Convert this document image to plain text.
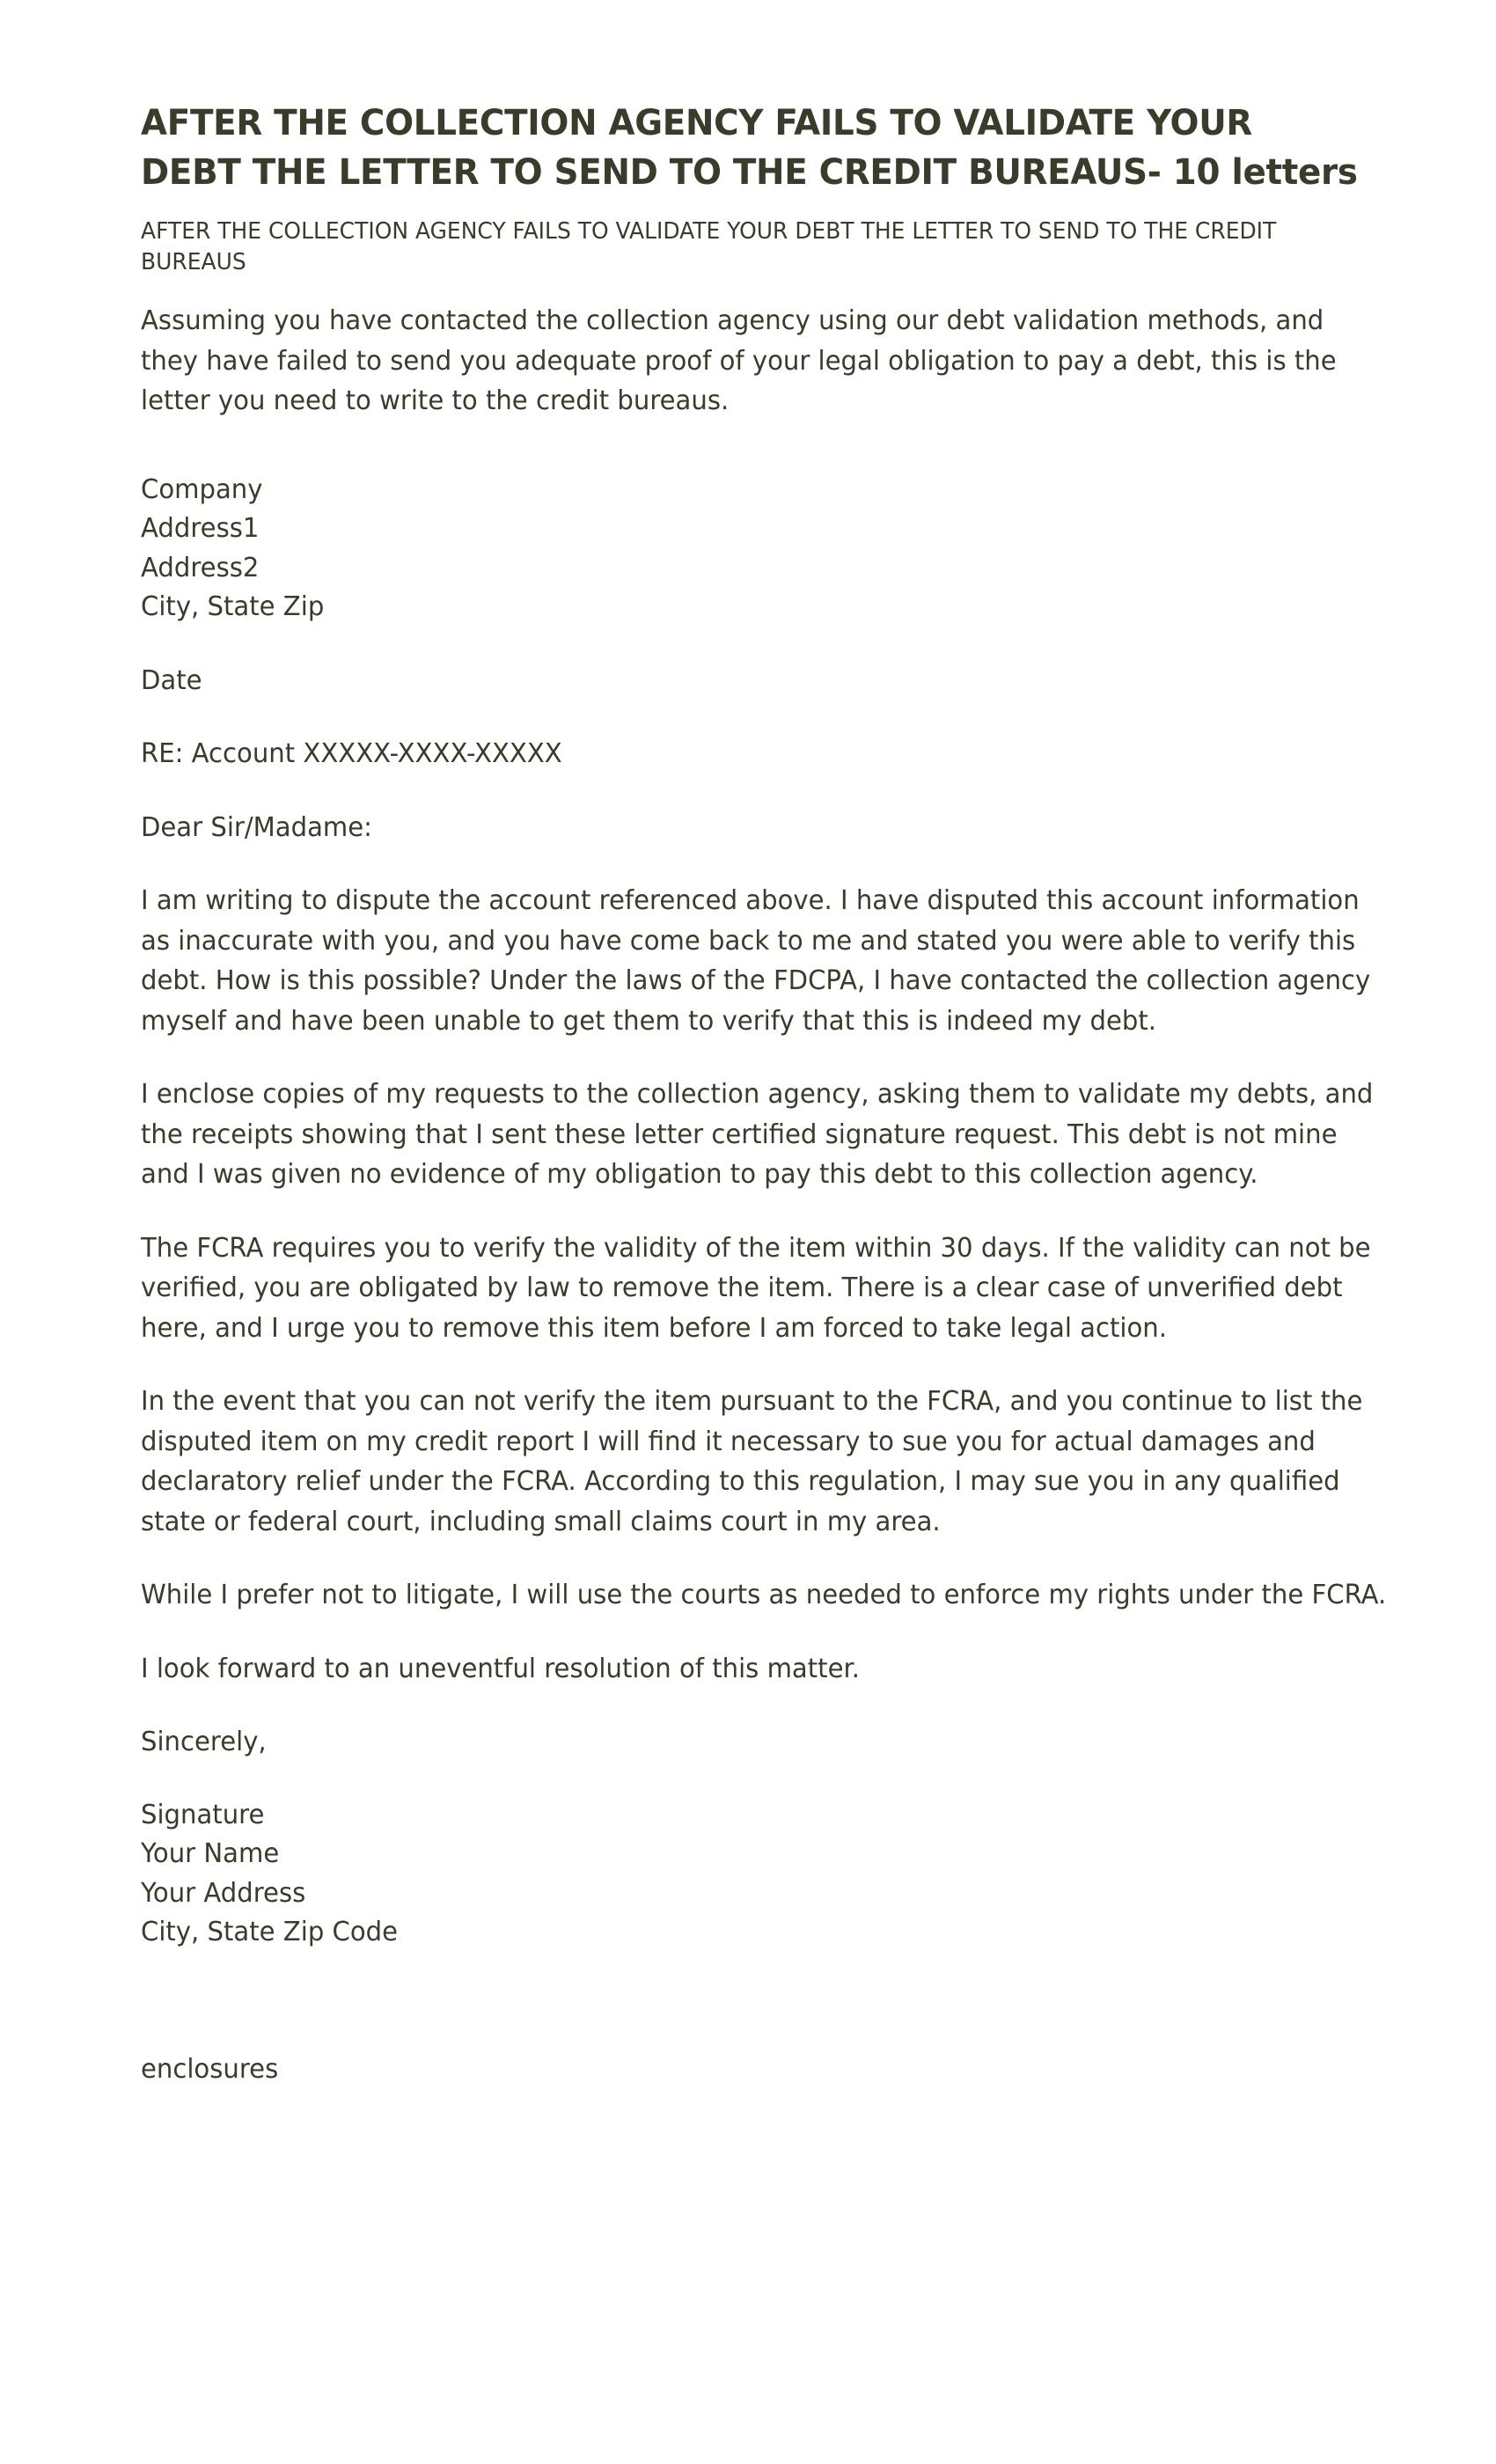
AFTER THE COLLECTION AGENCY FAILS TO VALIDATE YOUR
DEBT THE LETTER TO SEND TO THE CREDIT BUREAUS- 10 letters

AFTER THE COLLECTION AGENCY FAILS TO VALIDATE YOUR DEBT THE LETTER TO SEND TO THE CREDIT BUREAUS

Assuming you have contacted the collection agency using our debt validation methods, and they have failed to send you adequate proof of your legal obligation to pay a debt, this is the letter you need to write to the credit bureaus.

Company
Address1
Address2
City, State Zip

Date

RE: Account XXXXX-XXXX-XXXXX

Dear Sir/Madame:

I am writing to dispute the account referenced above. I have disputed this account information as inaccurate with you, and you have come back to me and stated you were able to verify this debt. How is this possible? Under the laws of the FDCPA, I have contacted the collection agency myself and have been unable to get them to verify that this is indeed my debt.

I enclose copies of my requests to the collection agency, asking them to validate my debts, and the receipts showing that I sent these letter certified signature request. This debt is not mine and I was given no evidence of my obligation to pay this debt to this collection agency.

The FCRA requires you to verify the validity of the item within 30 days. If the validity can not be verified, you are obligated by law to remove the item. There is a clear case of unverified debt here, and I urge you to remove this item before I am forced to take legal action.

In the event that you can not verify the item pursuant to the FCRA, and you continue to list the disputed item on my credit report I will find it necessary to sue you for actual damages and declaratory relief under the FCRA. According to this regulation, I may sue you in any qualified state or federal court, including small claims court in my area.

While I prefer not to litigate, I will use the courts as needed to enforce my rights under the FCRA.

I look forward to an uneventful resolution of this matter.

Sincerely,

Signature
Your Name
Your Address
City, State Zip Code

enclosures
